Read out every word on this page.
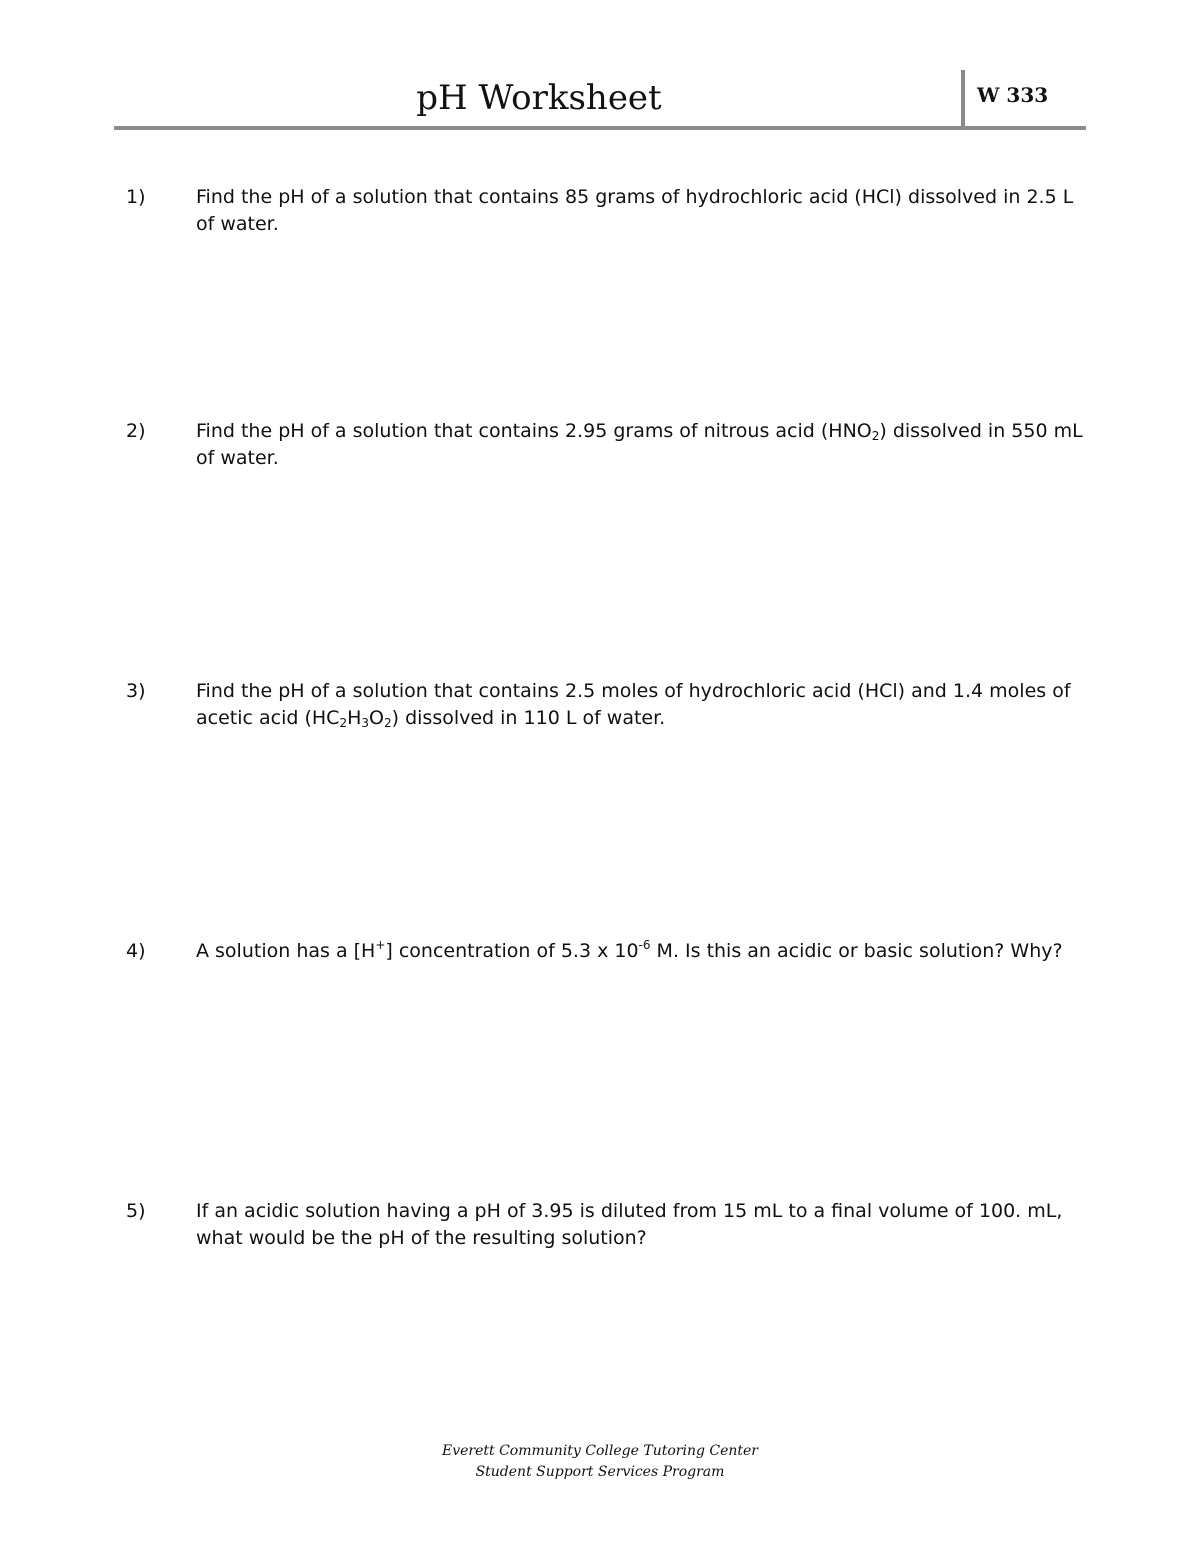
pH Worksheet	W 333
1)	Find the pH of a solution that contains 85 grams of hydrochloric acid (HCl) dissolved in 2.5 L of water.
2)	Find the pH of a solution that contains 2.95 grams of nitrous acid $(HNO_2)$ dissolved in 550 mL of water.
3)	Find the pH of a solution that contains 2.5 moles of hydrochloric acid (HCl) and 1.4 moles of acetic acid $(HC_2H_3O_2)$ dissolved in 110 L of water.
4)	A solution has a [H+] concentration of 5.3 x $10^{-6}$ M. Is this an acidic or basic solution? Why?
5)	If an acidic solution having a pH of 3.95 is diluted from 15 mL to a final volume of 100. mL, what would be the pH of the resulting solution?
Everett Community College Tutoring Center
Student Support Services Program
